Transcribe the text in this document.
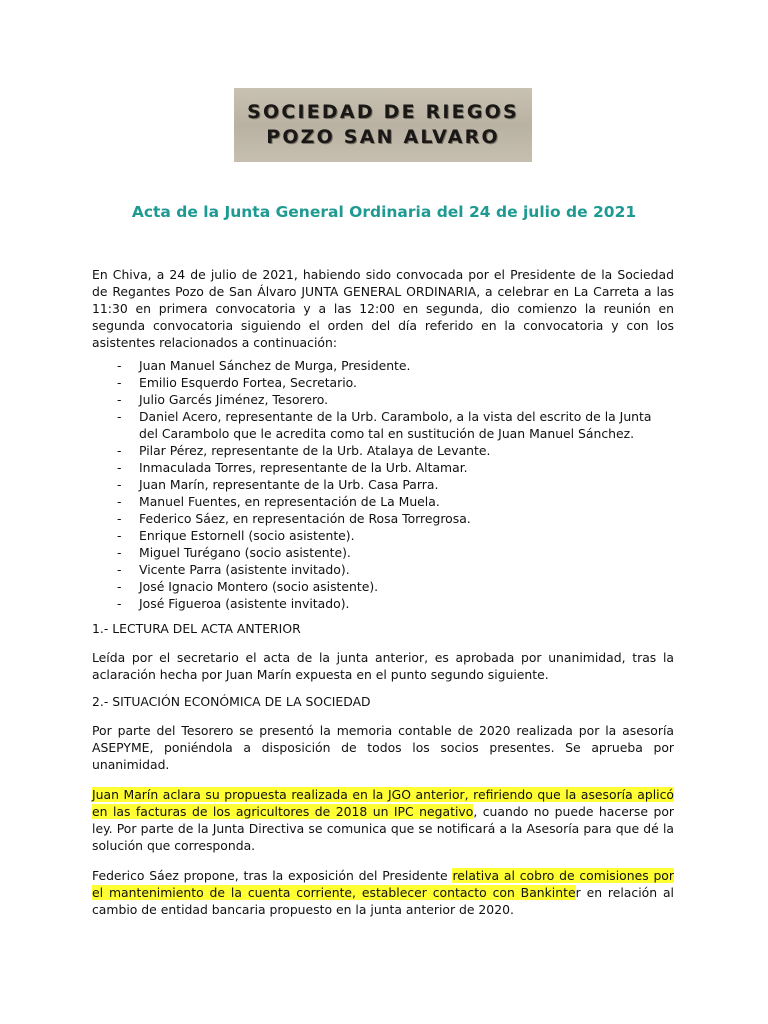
SOCIEDAD DE RIEGOS
POZO SAN ALVARO
Acta de la Junta General Ordinaria del 24 de julio de 2021

En Chiva, a 24 de julio de 2021, habiendo sido convocada por el Presidente de la Sociedad de Regantes Pozo de San Álvaro JUNTA GENERAL ORDINARIA, a celebrar en La Carreta a las 11:30 en primera convocatoria y a las 12:00 en segunda, dio comienzo la reunión en segunda convocatoria siguiendo el orden del día referido en la convocatoria y con los asistentes relacionados a continuación:

- Juan Manuel Sánchez de Murga, Presidente.
- Emilio Esquerdo Fortea, Secretario.
- Julio Garcés Jiménez, Tesorero.
- Daniel Acero, representante de la Urb. Carambolo, a la vista del escrito de la Junta del Carambolo que le acredita como tal en sustitución de Juan Manuel Sánchez.
- Pilar Pérez, representante de la Urb. Atalaya de Levante.
- Inmaculada Torres, representante de la Urb. Altamar.
- Juan Marín, representante de la Urb. Casa Parra.
- Manuel Fuentes, en representación de La Muela.
- Federico Sáez, en representación de Rosa Torregrosa.
- Enrique Estornell (socio asistente).
- Miguel Turégano (socio asistente).
- Vicente Parra (asistente invitado).
- José Ignacio Montero (socio asistente).
- José Figueroa (asistente invitado).

1.- LECTURA DEL ACTA ANTERIOR

Leída por el secretario el acta de la junta anterior, es aprobada por unanimidad, tras la aclaración hecha por Juan Marín expuesta en el punto segundo siguiente.

2.- SITUACIÓN ECONÓMICA DE LA SOCIEDAD

Por parte del Tesorero se presentó la memoria contable de 2020 realizada por la asesoría ASEPYME, poniéndola a disposición de todos los socios presentes. Se aprueba por unanimidad.

Juan Marín aclara su propuesta realizada en la JGO anterior, refiriendo que la asesoría aplicó en las facturas de los agricultores de 2018 un IPC negativo, cuando no puede hacerse por ley. Por parte de la Junta Directiva se comunica que se notificará a la Asesoría para que dé la solución que corresponda.

Federico Sáez propone, tras la exposición del Presidente relativa al cobro de comisiones por el mantenimiento de la cuenta corriente, establecer contacto con Bankinter en relación al cambio de entidad bancaria propuesto en la junta anterior de 2020.
